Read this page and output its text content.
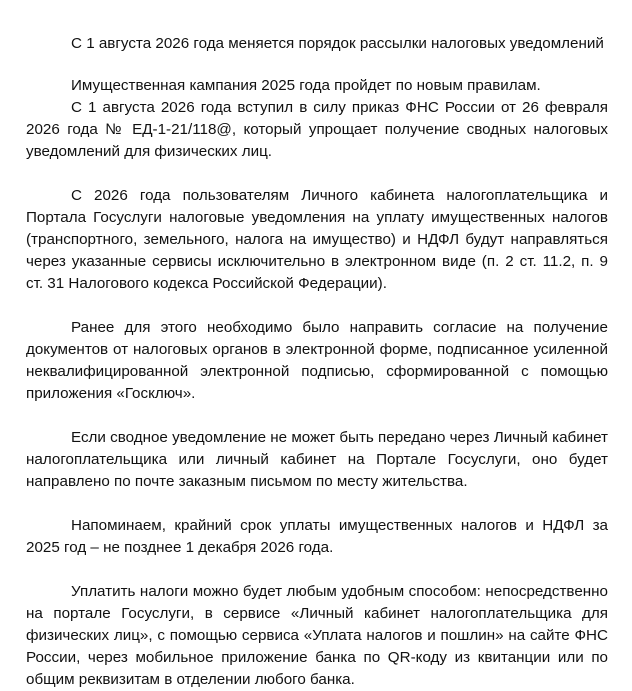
С 1 августа 2026 года меняется порядок рассылки налоговых уведомлений

Имущественная кампания 2025 года пройдет по новым правилам.

С 1 августа 2026 года вступил в силу приказ ФНС России от 26 февраля 2026 года № ЕД-1-21/118@, который упрощает получение сводных налоговых уведомлений для физических лиц.

С 2026 года пользователям Личного кабинета налогоплательщика и Портала Госуслуги налоговые уведомления на уплату имущественных налогов (транспортного, земельного, налога на имущество) и НДФЛ будут направляться через указанные сервисы исключительно в электронном виде (п. 2 ст. 11.2, п. 9 ст. 31 Налогового кодекса Российской Федерации).

Ранее для этого необходимо было направить согласие на получение документов от налоговых органов в электронной форме, подписанное усиленной неквалифицированной электронной подписью, сформированной с помощью приложения «Госключ».

Если сводное уведомление не может быть передано через Личный кабинет налогоплательщика или личный кабинет на Портале Госуслуги, оно будет направлено по почте заказным письмом по месту жительства.

Напоминаем, крайний срок уплаты имущественных налогов и НДФЛ за 2025 год – не позднее 1 декабря 2026 года.

Уплатить налоги можно будет любым удобным способом: непосредственно на портале Госуслуги, в сервисе «Личный кабинет налогоплательщика для физических лиц», с помощью сервиса «Уплата налогов и пошлин» на сайте ФНС России, через мобильное приложение банка по QR-коду из квитанции или по общим реквизитам в отделении любого банка.
